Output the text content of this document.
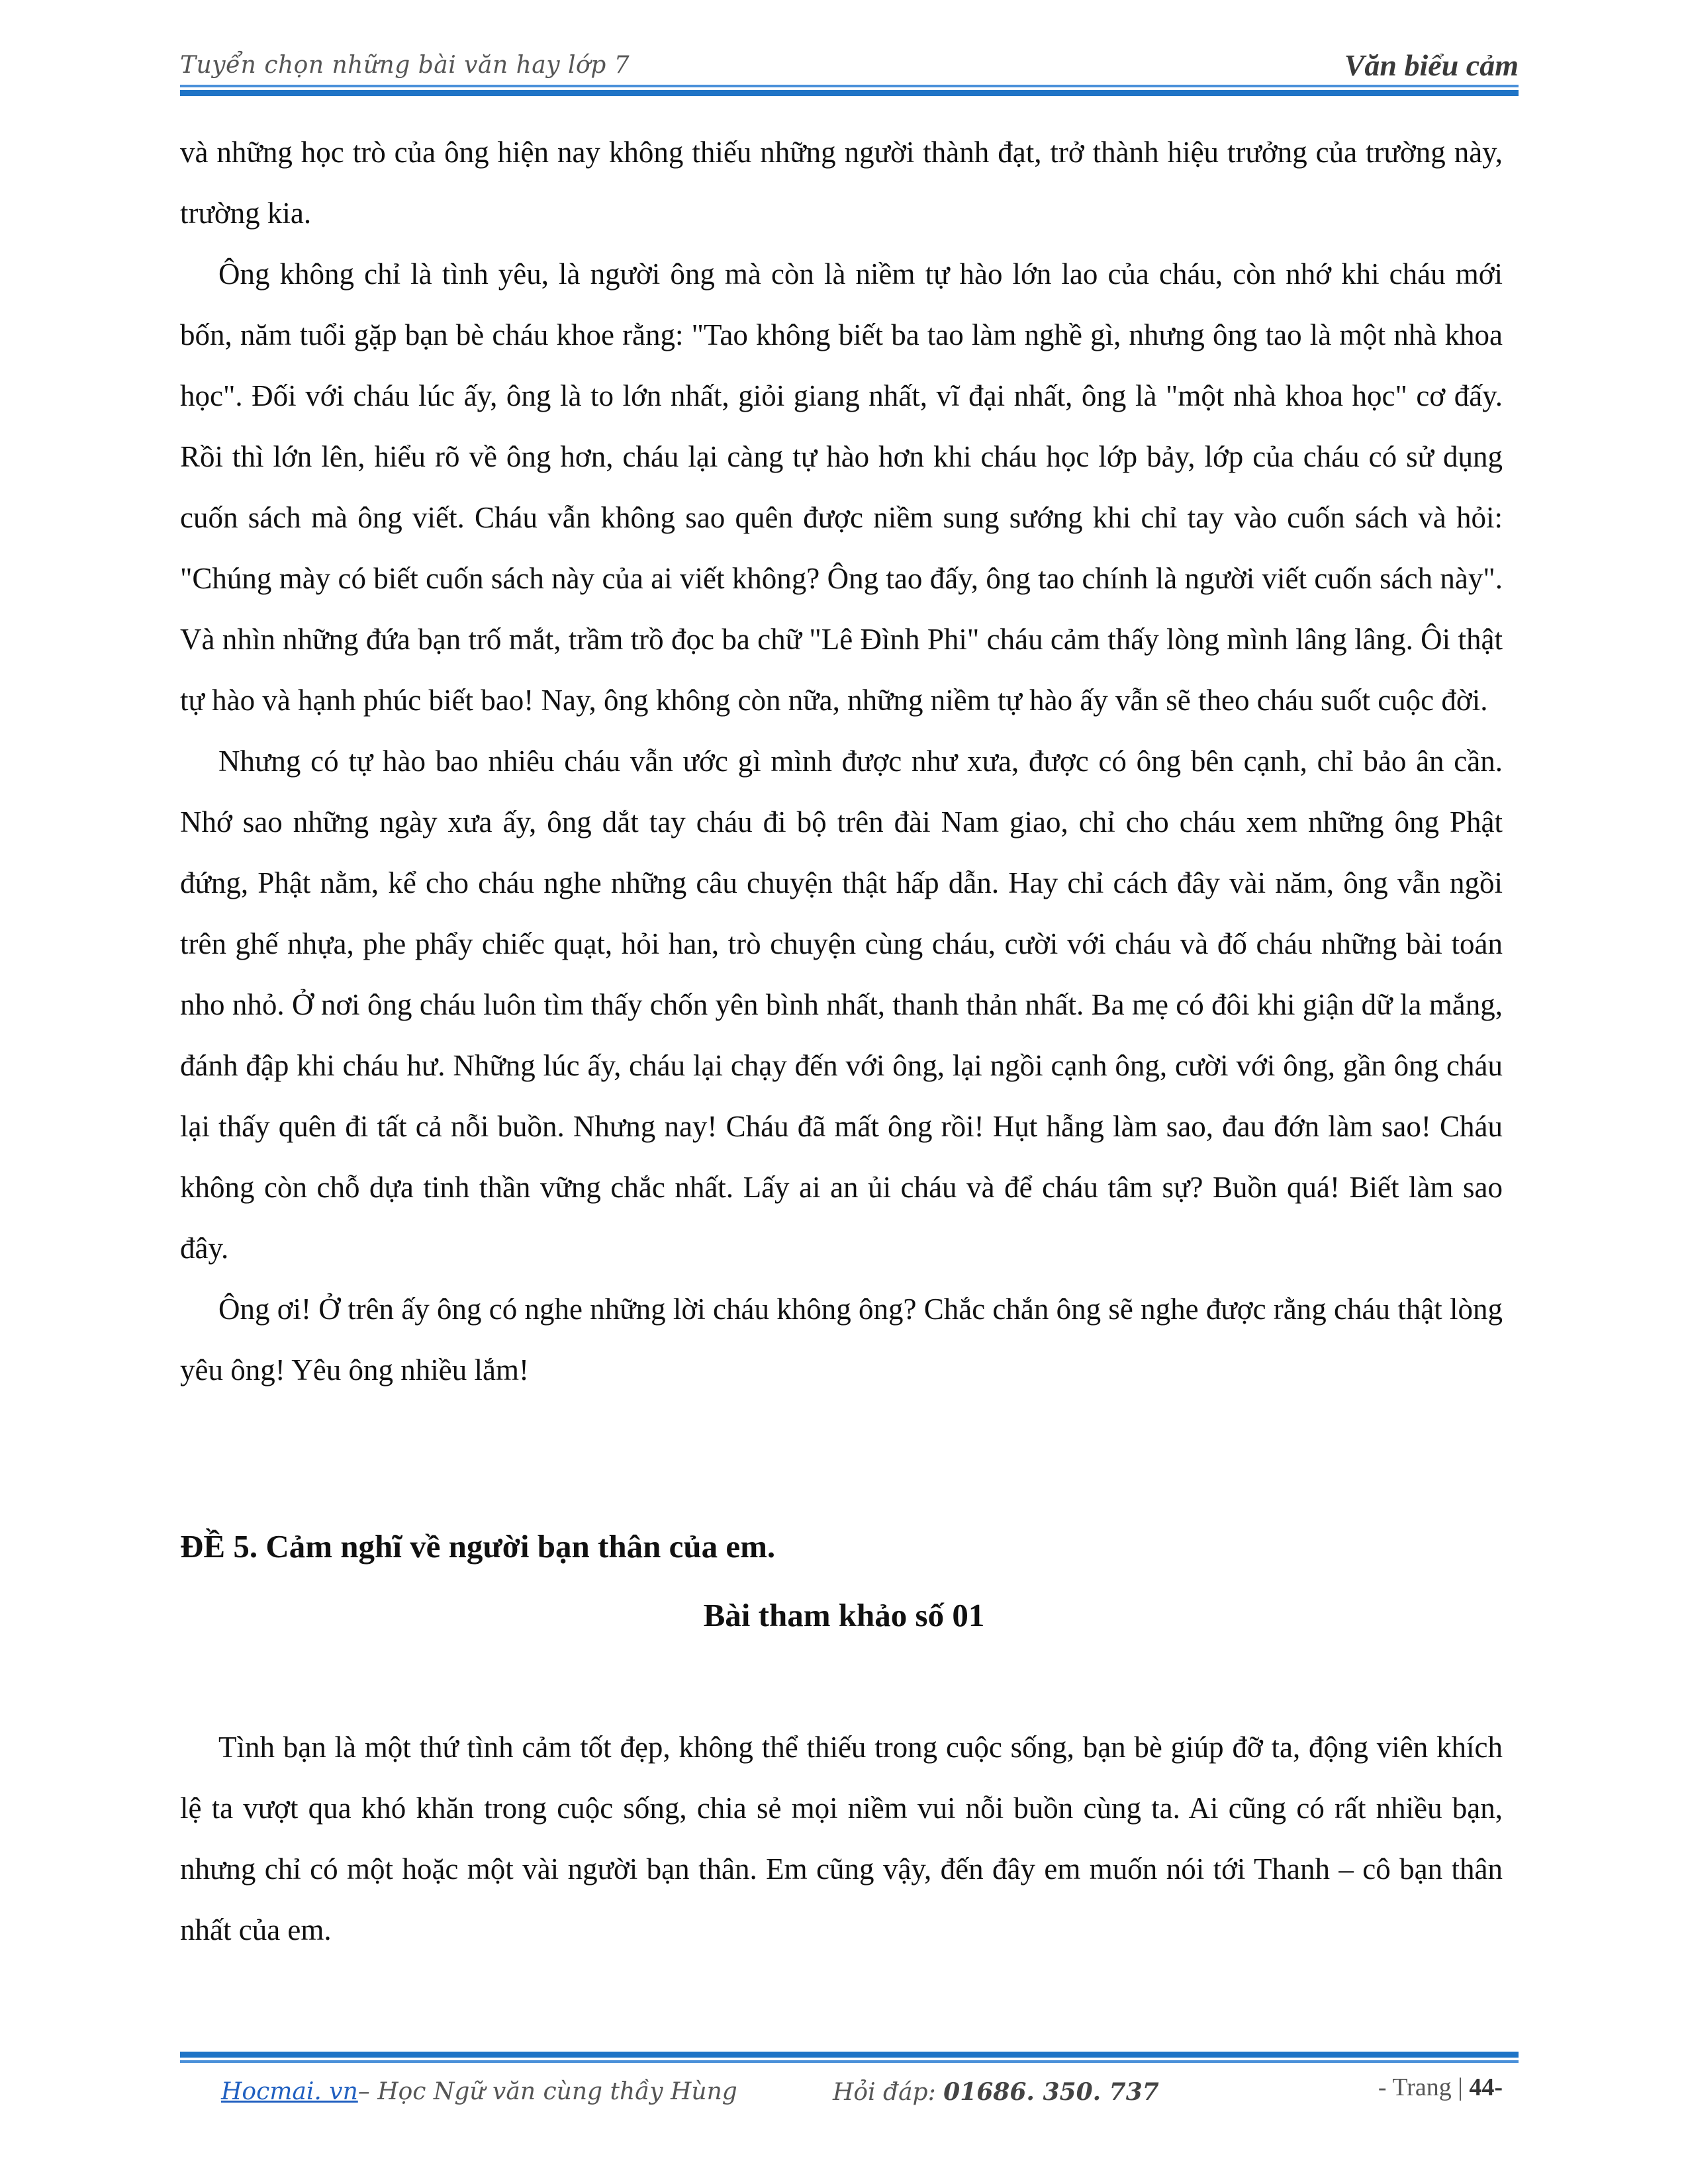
Tuyển chọn những bài văn hay lớp 7	Văn biểu cảm

và những học trò của ông hiện nay không thiếu những người thành đạt, trở thành hiệu trưởng của trường này, trường kia.

Ông không chỉ là tình yêu, là người ông mà còn là niềm tự hào lớn lao của cháu, còn nhớ khi cháu mới bốn, năm tuổi gặp bạn bè cháu khoe rằng: "Tao không biết ba tao làm nghề gì, nhưng ông tao là một nhà khoa học". Đối với cháu lúc ấy, ông là to lớn nhất, giỏi giang nhất, vĩ đại nhất, ông là "một nhà khoa học" cơ đấy. Rồi thì lớn lên, hiểu rõ về ông hơn, cháu lại càng tự hào hơn khi cháu học lớp bảy, lớp của cháu có sử dụng cuốn sách mà ông viết. Cháu vẫn không sao quên được niềm sung sướng khi chỉ tay vào cuốn sách và hỏi: "Chúng mày có biết cuốn sách này của ai viết không? Ông tao đấy, ông tao chính là người viết cuốn sách này". Và nhìn những đứa bạn trố mắt, trầm trồ đọc ba chữ "Lê Đình Phi" cháu cảm thấy lòng mình lâng lâng. Ôi thật tự hào và hạnh phúc biết bao! Nay, ông không còn nữa, những niềm tự hào ấy vẫn sẽ theo cháu suốt cuộc đời.

Nhưng có tự hào bao nhiêu cháu vẫn ước gì mình được như xưa, được có ông bên cạnh, chỉ bảo ân cần. Nhớ sao những ngày xưa ấy, ông dắt tay cháu đi bộ trên đài Nam giao, chỉ cho cháu xem những ông Phật đứng, Phật nằm, kể cho cháu nghe những câu chuyện thật hấp dẫn. Hay chỉ cách đây vài năm, ông vẫn ngồi trên ghế nhựa, phe phẩy chiếc quạt, hỏi han, trò chuyện cùng cháu, cười với cháu và đố cháu những bài toán nho nhỏ. Ở nơi ông cháu luôn tìm thấy chốn yên bình nhất, thanh thản nhất. Ba mẹ có đôi khi giận dữ la mắng, đánh đập khi cháu hư. Những lúc ấy, cháu lại chạy đến với ông, lại ngồi cạnh ông, cười với ông, gần ông cháu lại thấy quên đi tất cả nỗi buồn. Nhưng nay! Cháu đã mất ông rồi! Hụt hẫng làm sao, đau đớn làm sao! Cháu không còn chỗ dựa tinh thần vững chắc nhất. Lấy ai an ủi cháu và để cháu tâm sự? Buồn quá! Biết làm sao đây.

Ông ơi! Ở trên ấy ông có nghe những lời cháu không ông? Chắc chắn ông sẽ nghe được rằng cháu thật lòng yêu ông! Yêu ông nhiều lắm!

ĐỀ 5. Cảm nghĩ về người bạn thân của em.
Bài tham khảo số 01

Tình bạn là một thứ tình cảm tốt đẹp, không thể thiếu trong cuộc sống, bạn bè giúp đỡ ta, động viên khích lệ ta vượt qua khó khăn trong cuộc sống, chia sẻ mọi niềm vui nỗi buồn cùng ta. Ai cũng có rất nhiều bạn, nhưng chỉ có một hoặc một vài người bạn thân. Em cũng vậy, đến đây em muốn nói tới Thanh – cô bạn thân nhất của em.

Hocmai. vn– Học Ngữ văn cùng thầy Hùng	Hỏi đáp: 01686. 350. 737	- Trang | 44-
